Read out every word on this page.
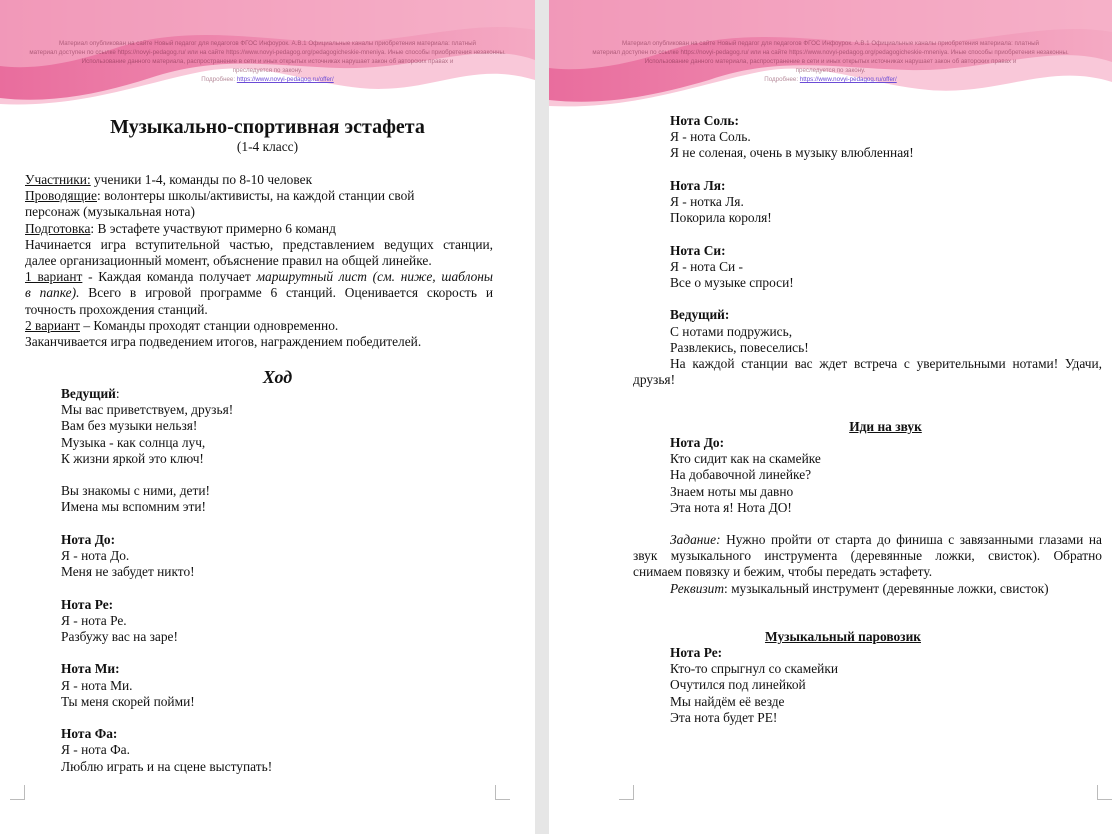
Материал опубликован на сайте Новый педагог для педагогов ФГОС Инфоурок. А.В.1 Официальные каналы приобретения материала: платный
материал доступен по ссылке https://novyi-pedagog.ru/ или на сайте https://www.novyi-pedagog.org/pedagogicheskie-mneniya. Иные способы приобретения незаконны.
Использование данного материала, распространение в сети и иных открытых источниках нарушает закон об авторских правах и
преследуется по закону.
Подробнее: https://www.novyi-pedagog.ru/offer/
Музыкально-спортивная эстафета
(1-4 класс)
Участники: ученики 1-4, команды по 8-10 человек
Проводящие: волонтеры школы/активисты, на каждой станции свой
персонаж (музыкальная нота)
Подготовка: В эстафете участвуют примерно 6 команд
Начинается игра вступительной частью, представлением ведущих станции,
далее организационный момент, объяснение правил на общей линейке.
1 вариант - Каждая команда получает маршрутный лист (см. ниже, шаблоны
в папке). Всего в игровой программе 6 станций. Оценивается скорость и
точность прохождения станций.
2 вариант – Команды проходят станции одновременно.
Заканчивается игра подведением итогов, награждением победителей.
Ход
Ведущий:
Мы вас приветствуем, друзья!
Вам без музыки нельзя!
Музыка - как солнца луч,
К жизни яркой это ключ!
Вы знакомы с ними, дети!
Имена мы вспомним эти!
Нота До:
Я - нота До.
Меня не забудет никто!
Нота Ре:
Я - нота Ре.
Разбужу вас на заре!
Нота Ми:
Я - нота Ми.
Ты меня скорей пойми!
Нота Фа:
Я - нота Фа.
Люблю играть и на сцене выступать!
Материал опубликован на сайте Новый педагог для педагогов ФГОС Инфоурок. А.В.1 Официальные каналы приобретения материала: платный
материал доступен по ссылке https://novyi-pedagog.ru/ или на сайте https://www.novyi-pedagog.org/pedagogicheskie-mneniya. Иные способы приобретения незаконны.
Использование данного материала, распространение в сети и иных открытых источниках нарушает закон об авторских правах и
преследуется по закону.
Подробнее: https://www.novyi-pedagog.ru/offer/
Нота Соль:
Я - нота Соль.
Я не соленая, очень в музыку влюбленная!
Нота Ля:
Я - нотка Ля.
Покорила короля!
Нота Си:
Я - нота Си -
Все о музыке спроси!
Ведущий:
С нотами подружись,
Развлекись, повеселись!
На каждой станции вас ждет встреча с уверительными нотами! Удачи,
друзья!
Иди на звук
Нота До:
Кто сидит как на скамейке
На добавочной линейке?
Знаем ноты мы давно
Эта нота я! Нота ДО!
Задание: Нужно пройти от старта до финиша с завязанными глазами на
звук музыкального инструмента (деревянные ложки, свисток). Обратно
снимаем повязку и бежим, чтобы передать эстафету.
Реквизит: музыкальный инструмент (деревянные ложки, свисток)
Музыкальный паровозик
Нота Ре:
Кто-то спрыгнул со скамейки
Очутился под линейкой
Мы найдём её везде
Эта нота будет РЕ!
